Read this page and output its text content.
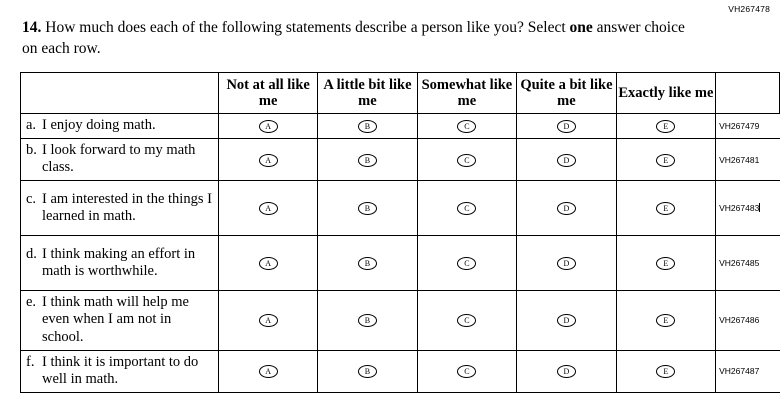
VH267478
14. How much does each of the following statements describe a person like you? Select one answer choice on each row.
	Not at all like me	A little bit like me	Somewhat like me	Quite a bit like me	Exactly like me	

a. I enjoy doing math.	A	B	C	D	E	VH267479

b. I look forward to my math class.	A	B	C	D	E	VH267481

c. I am interested in the things I learned in math.	A	B	C	D	E	VH267483

d. I think making an effort in math is worthwhile.	A	B	C	D	E	VH267485

e. I think math will help me even when I am not in school.	A	B	C	D	E	VH267486

f. I think it is important to do well in math.	A	B	C	D	E	VH267487
